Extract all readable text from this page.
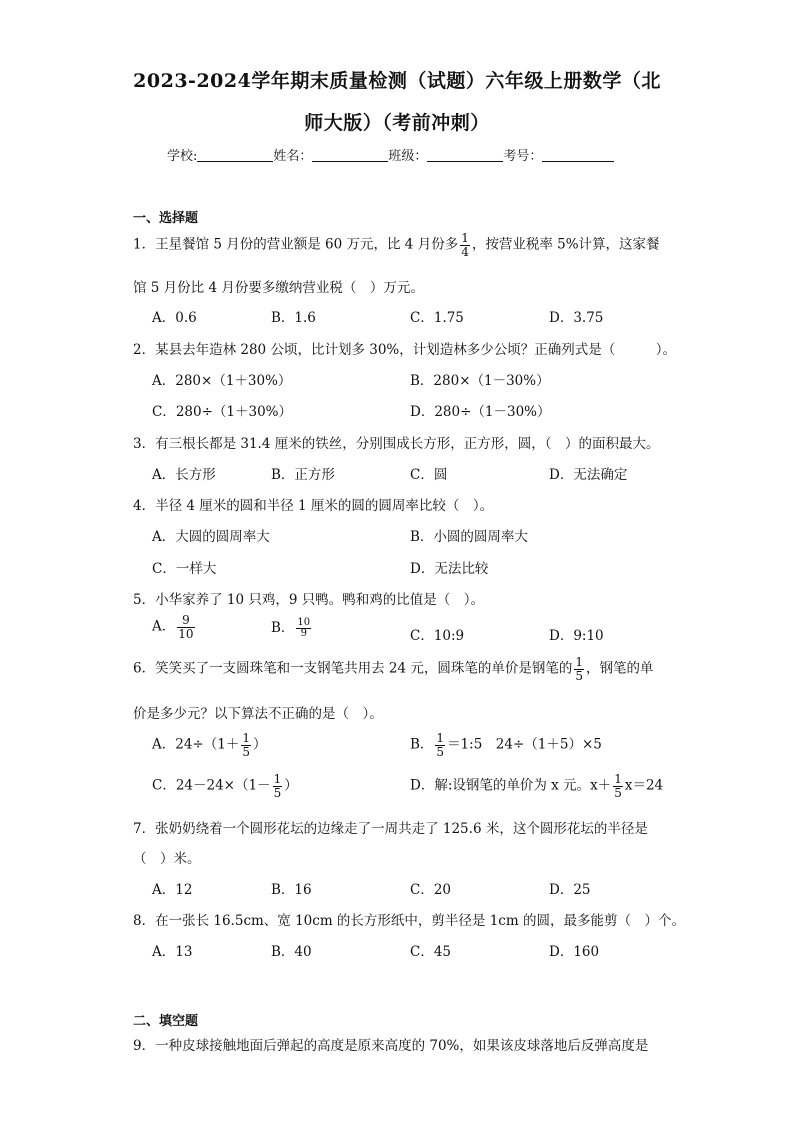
2023-2024学年期末质量检测（试题）六年级上册数学（北
师大版）（考前冲刺）
学校:	姓名：	班级：	考号：
一、选择题
1．王星餐馆 5 月份的营业额是 60 万元，比 4 月份多 $\frac{1}{4}$ ，按营业税率 5%计算，这家餐
馆 5 月份比 4 月份要多缴纳营业税（　）万元。
A．0.6	B．1.6	C．1.75	D．3.75
2．某县去年造林 280 公顷，比计划多 30%，计划造林多少公顷？正确列式是（　　　）。
A．280×（1＋30%）	B．280×（1－30%）
C．280÷（1＋30%）	D．280÷（1－30%）
3．有三根长都是 31.4 厘米的铁丝，分别围成长方形，正方形，圆，（　）的面积最大。
A．长方形	B．正方形	C．圆	D．无法确定
4．半径 4 厘米的圆和半径 1 厘米的圆的圆周率比较（　）。
A．大圆的圆周率大	B．小圆的圆周率大
C．一样大	D．无法比较
5．小华家养了 10 只鸡，9 只鸭。鸭和鸡的比值是（　）。
A． $\frac{9}{10}$	B． $\frac{10}{9}$	C．10:9	D．9:10
6．笑笑买了一支圆珠笔和一支钢笔共用去 24 元，圆珠笔的单价是钢笔的 $\frac{1}{5}$ ，钢笔的单
价是多少元？以下算法不正确的是（　）。
A．$24\div(1+ \frac{1}{5}$ ）	B． $\frac{1}{5}$ ＝1:5　24÷（1＋5）×5
C．$24-24\times(1- \frac{1}{5}$ ）	D．解:设钢笔的单价为 x 元。$x+ \frac{1}{5} x=24$
7．张奶奶绕着一个圆形花坛的边缘走了一周共走了 125.6 米，这个圆形花坛的半径是
（　）米。
A．12	B．16	C．20	D．25
8．在一张长 16.5cm、宽 10cm 的长方形纸中，剪半径是 1cm 的圆，最多能剪（　）个。
A．13	B．40	C．45	D．160
二、填空题
9．一种皮球接触地面后弹起的高度是原来高度的 70%，如果该皮球落地后反弹高度是
